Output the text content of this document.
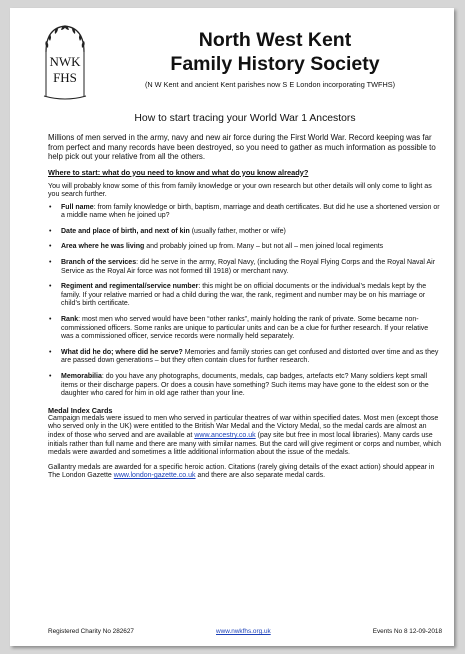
NWK
FHS
North West Kent
Family History Society
(N W Kent and ancient Kent parishes now S E London incorporating TWFHS)
How to start tracing your World War 1 Ancestors

Millions of men served in the army, navy and new air force during the First World War. Record keeping was far from perfect and many records have been destroyed, so you need to gather as much information as possible to help pick out your relative from all the others.

Where to start: what do you need to know and what do you know already?

You will probably know some of this from family knowledge or your own research but other details will only come to light as you search further.

• Full name: from family knowledge or birth, baptism, marriage and death certificates. But did he use a shortened version or a middle name when he joined up?
• Date and place of birth, and next of kin (usually father, mother or wife)
• Area where he was living and probably joined up from. Many – but not all – men joined local regiments
• Branch of the services: did he serve in the army, Royal Navy, (including the Royal Flying Corps and the Royal Naval Air Service as the Royal Air force was not formed till 1918) or merchant navy.
• Regiment and regimental/service number: this might be on official documents or the individual’s medals kept by the family. If your relative married or had a child during the war, the rank, regiment and number may be on his marriage or child’s birth certificate.
• Rank: most men who served would have been “other ranks”, mainly holding the rank of private. Some became non-commissioned officers. Some ranks are unique to particular units and can be a clue for further research. If your relative was a commissioned officer, service records were normally held separately.
• What did he do; where did he serve? Memories and family stories can get confused and distorted over time and as they are passed down generations – but they often contain clues for further research.
• Memorabilia: do you have any photographs, documents, medals, cap badges, artefacts etc? Many soldiers kept small items or their discharge papers. Or does a cousin have something? Such items may have gone to the eldest son or the daughter who cared for him in old age rather than your line.

Medal Index Cards

Campaign medals were issued to men who served in particular theatres of war within specified dates. Most men (except those who served only in the UK) were entitled to the British War Medal and the Victory Medal, so the medal cards are almost an index of those who served and are available at www.ancestry.co.uk (pay site but free in most local libraries). Many cards use initials rather than full name and there are many with similar names. But the card will give regiment or corps and number, which medals were awarded and sometimes a little additional information about the issue of the medals.

Gallantry medals are awarded for a specific heroic action. Citations (rarely giving details of the exact action) should appear in The London Gazette www.london-gazette.co.uk and there are also separate medal cards.

Registered Charity No 282627	www.nwkfhs.org.uk	Events No 8 12-09-2018
